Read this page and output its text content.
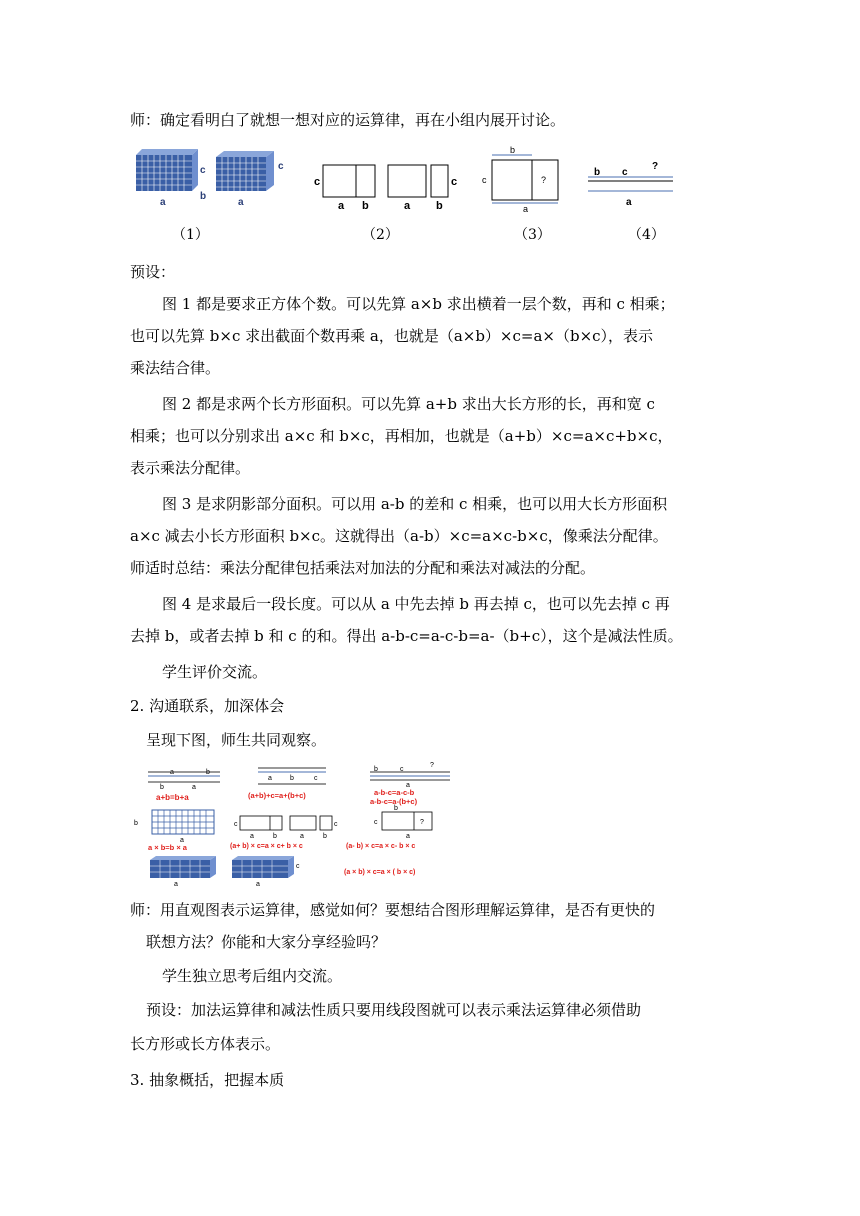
师：确定看明白了就想一想对应的运算律，再在小组内展开讨论。
a
b
c
a
c
c
a b	a b
c
b
c	?
a
b c
?
a
（1）	（2）	（3）	（4）
预设：
图 1 都是要求正方体个数。可以先算 a×b 求出横着一层个数，再和 c 相乘；
也可以先算 b×c 求出截面个数再乘 a，也就是（a×b）×c=a×（b×c），表示
乘法结合律。
图 2 都是求两个长方形面积。可以先算 a+b 求出大长方形的长，再和宽 c
相乘；也可以分别求出 a×c 和 b×c，再相加，也就是（a+b）×c=a×c+b×c，
表示乘法分配律。
图 3 是求阴影部分面积。可以用 a-b 的差和 c 相乘，也可以用大长方形面积
a×c 减去小长方形面积 b×c。这就得出（a-b）×c=a×c-b×c，像乘法分配律。
师适时总结：乘法分配律包括乘法对加法的分配和乘法对减法的分配。
图 4 是求最后一段长度。可以从 a 中先去掉 b 再去掉 c，也可以先去掉 c 再
去掉 b，或者去掉 b 和 c 的和。得出 a-b-c=a-c-b=a-（b+c），这个是减法性质。
学生评价交流。
2. 沟通联系，加深体会
呈现下图，师生共同观察。
a	b
b	a
a+b=b+a
a	b	c
(a+b)+c=a+(b+c)
b	c
?
a
a-b-c=a-c-b
a-b-c=a-(b+c)
b
a
a × b=b × a
c
a	b	a	b
c
(a+ b) × c=a × c+ b × c
b
c	?
a
(a- b) × c=a × c- b × c
a	a
c
(a × b) × c=a × ( b × c)
师：用直观图表示运算律，感觉如何？要想结合图形理解运算律，是否有更快的
联想方法？你能和大家分享经验吗？
学生独立思考后组内交流。
预设：加法运算律和减法性质只要用线段图就可以表示乘法运算律必须借助
长方形或长方体表示。
3. 抽象概括，把握本质
